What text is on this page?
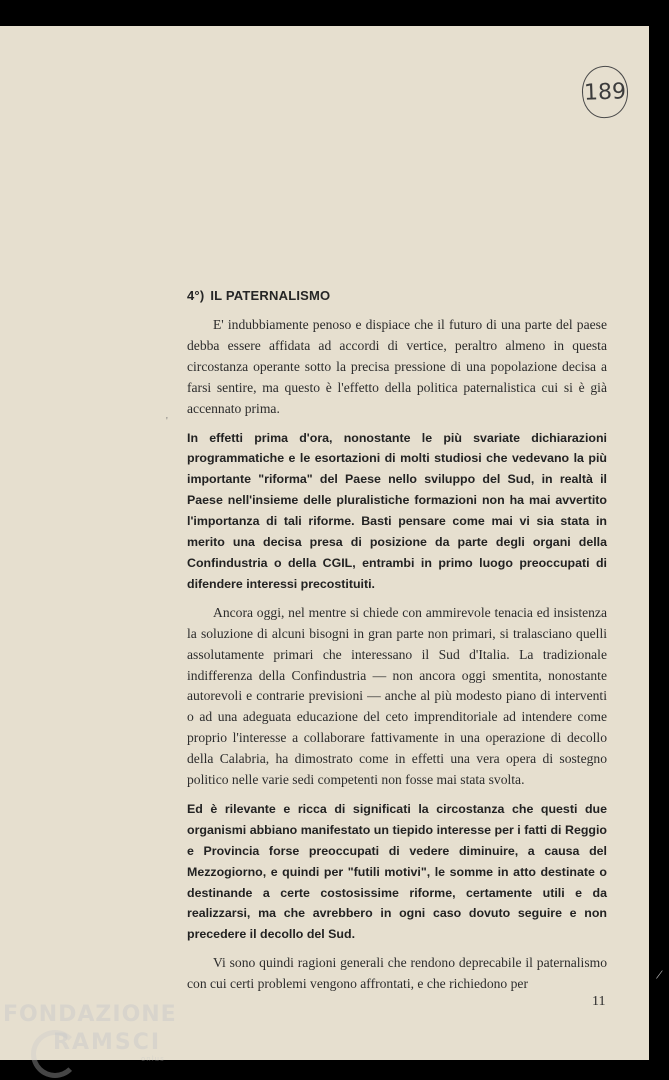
189
4°) IL PATERNALISMO
'

E' indubbiamente penoso e dispiace che il futuro di una parte del paese debba essere affidata ad accordi di vertice, peraltro almeno in questa circostanza operante sotto la precisa pressione di una popolazione decisa a farsi sentire, ma questo è l'effetto della politica paternalistica cui si è già accennato prima.

In effetti prima d'ora, nonostante le più svariate dichiarazioni programmatiche e le esortazioni di molti studiosi che vedevano la più importante "riforma" del Paese nello sviluppo del Sud, in realtà il Paese nell'insieme delle pluralistiche formazioni non ha mai avvertito l'importanza di tali riforme. Basti pensare come mai vi sia stata in merito una decisa presa di posizione da parte degli organi della Confindustria o della CGIL, entrambi in primo luogo preoccupati di difendere interessi precostituiti.

Ancora oggi, nel mentre si chiede con ammirevole tenacia ed insistenza la soluzione di alcuni bisogni in gran parte non primari, si tralasciano quelli assolutamente primari che interessano il Sud d'Italia. La tradizionale indifferenza della Confindustria — non ancora oggi smentita, nonostante autorevoli e contrarie previsioni — anche al più modesto piano di interventi o ad una adeguata educazione del ceto imprenditoriale ad intendere come proprio l'interesse a collaborare fattivamente in una operazione di decollo della Calabria, ha dimostrato come in effetti una vera opera di sostegno politico nelle varie sedi competenti non fosse mai stata svolta.

Ed è rilevante e ricca di significati la circostanza che questi due organismi abbiano manifestato un tiepido interesse per i fatti di Reggio e Provincia forse preoccupati di vedere diminuire, a causa del Mezzogiorno, e quindi per "futili motivi", le somme in atto destinate o destinande a certe costosissime riforme, certamente utili e da realizzarsi, ma che avrebbero in ogni caso dovuto seguire e non precedere il decollo del Sud.

Vi sono quindi ragioni generali che rendono deprecabile il paternalismo con cui certi problemi vengono affrontati, e che richiedono per

11
/
FONDAZIONE
RAMSCI
onlus
